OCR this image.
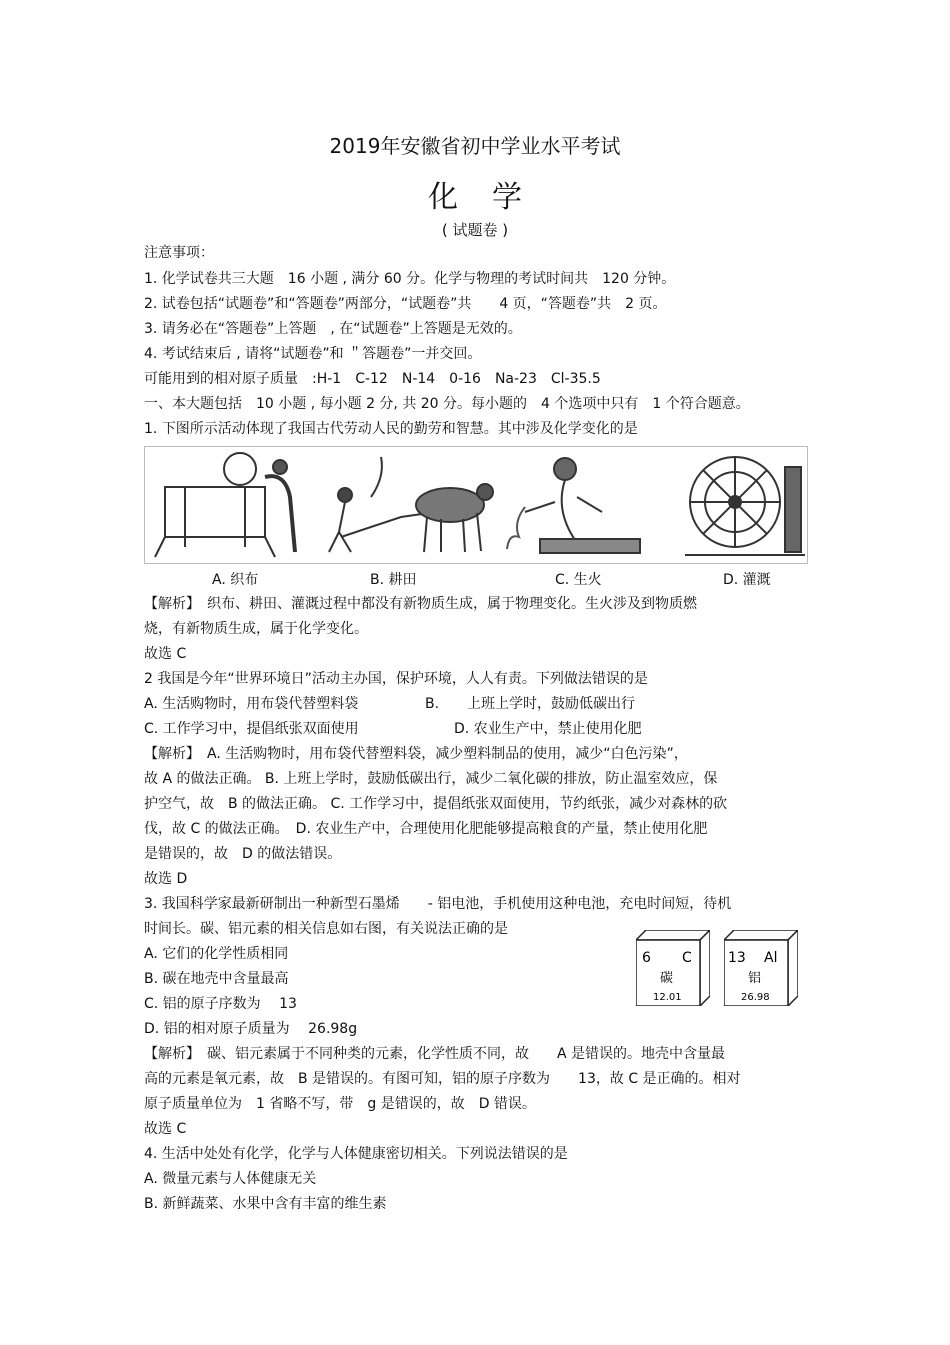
2019年安徽省初中学业水平考试
化学
( 试题卷 )
注意事项：
1. 化学试卷共三大题　16 小题 , 满分 60 分。化学与物理的考试时间共　120 分钟。
2. 试卷包括“试题卷”和“答题卷”两部分，“试题卷”共　　4 页，“答题卷”共　2 页。
3. 请务必在“答题卷”上答题　, 在“试题卷”上答题是无效的。
4. 考试结束后 , 请将“试题卷”和 ＂答题卷”一并交回。
可能用到的相对原子质量　:H-1　C-12　N-14　0-16　Na-23　Cl-35.5
一、本大题包括　10 小题 , 每小题 2 分, 共 20 分。每小题的　4 个选项中只有　1 个符合题意。
1. 下图所示活动体现了我国古代劳动人民的勤劳和智慧。其中涉及化学变化的是
A. 织布	B. 耕田	C. 生火	D. 灌溉
【解析】　织布、耕田、灌溉过程中都没有新物质生成，属于物理变化。生火涉及到物质燃
烧，有新物质生成，属于化学变化。
故选 C
2 我国是今年“世界环境日”活动主办国，保护环境，人人有责。下列做法错误的是
A. 生活购物时，用布袋代替塑料袋	B.　　上班上学时，鼓励低碳出行
C. 工作学习中，提倡纸张双面使用	D. 农业生产中，禁止使用化肥
【解析】　A. 生活购物时，用布袋代替塑料袋，减少塑料制品的使用，减少“白色污染”，
故 A 的做法正确。 B. 上班上学时，鼓励低碳出行，减少二氧化碳的排放，防止温室效应，保
护空气，故　B 的做法正确。 C. 工作学习中，提倡纸张双面使用，节约纸张，减少对森林的砍
伐，故 C 的做法正确。　D. 农业生产中，合理使用化肥能够提高粮食的产量，禁止使用化肥
是错误的，故　D 的做法错误。
故选 D
3. 我国科学家最新研制出一种新型石墨烯　　- 铝电池，手机使用这种电池，充电时间短，待机
时间长。碳、铝元素的相关信息如右图，有关说法正确的是
A. 它们的化学性质相同
B. 碳在地壳中含量最高
C. 铝的原子序数为　 13
D. 铝的相对原子质量为　 26.98g
6 C
碳
12.01
13 Al
铝
26.98
【解析】　碳、铝元素属于不同种类的元素，化学性质不同，故　　A 是错误的。地壳中含量最
高的元素是氧元素，故　B 是错误的。有图可知，铝的原子序数为　　13，故 C 是正确的。相对
原子质量单位为　1 省略不写，带　g 是错误的，故　D 错误。
故选 C
4. 生活中处处有化学，化学与人体健康密切相关。下列说法错误的是
A. 微量元素与人体健康无关
B. 新鲜蔬菜、水果中含有丰富的维生素
